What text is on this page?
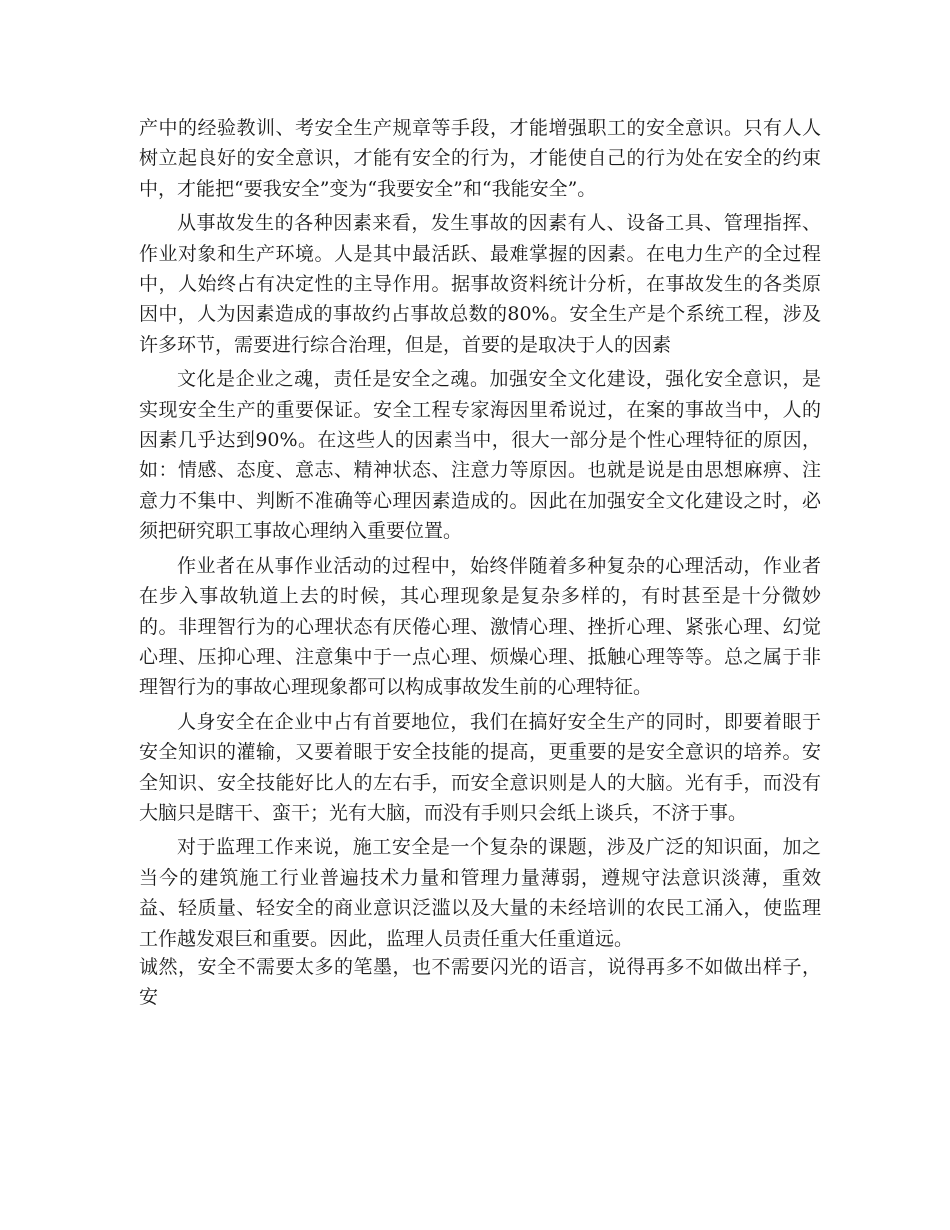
产中的经验教训、考安全生产规章等手段，才能增强职工的安全意识。只有人人树立起良好的安全意识，才能有安全的行为，才能使自己的行为处在安全的约束中，才能把“要我安全”变为“我要安全”和“我能安全”。

从事故发生的各种因素来看，发生事故的因素有人、设备工具、管理指挥、作业对象和生产环境。人是其中最活跃、最难掌握的因素。在电力生产的全过程中，人始终占有决定性的主导作用。据事故资料统计分析，在事故发生的各类原因中，人为因素造成的事故约占事故总数的80%。安全生产是个系统工程，涉及许多环节，需要进行综合治理，但是，首要的是取决于人的因素

文化是企业之魂，责任是安全之魂。加强安全文化建设，强化安全意识，是实现安全生产的重要保证。安全工程专家海因里希说过，在案的事故当中，人的因素几乎达到90%。在这些人的因素当中，很大一部分是个性心理特征的原因，如：情感、态度、意志、精神状态、注意力等原因。也就是说是由思想麻痹、注意力不集中、判断不准确等心理因素造成的。因此在加强安全文化建设之时，必须把研究职工事故心理纳入重要位置。

作业者在从事作业活动的过程中，始终伴随着多种复杂的心理活动，作业者在步入事故轨道上去的时候，其心理现象是复杂多样的，有时甚至是十分微妙的。非理智行为的心理状态有厌倦心理、激情心理、挫折心理、紧张心理、幻觉心理、压抑心理、注意集中于一点心理、烦燥心理、抵触心理等等。总之属于非理智行为的事故心理现象都可以构成事故发生前的心理特征。

人身安全在企业中占有首要地位，我们在搞好安全生产的同时，即要着眼于安全知识的灌输，又要着眼于安全技能的提高，更重要的是安全意识的培养。安全知识、安全技能好比人的左右手，而安全意识则是人的大脑。光有手，而没有大脑只是瞎干、蛮干；光有大脑，而没有手则只会纸上谈兵，不济于事。

对于监理工作来说，施工安全是一个复杂的课题，涉及广泛的知识面，加之当今的建筑施工行业普遍技术力量和管理力量薄弱，遵规守法意识淡薄，重效益、轻质量、轻安全的商业意识泛滥以及大量的未经培训的农民工涌入，使监理工作越发艰巨和重要。因此，监理人员责任重大任重道远。

诚然，安全不需要太多的笔墨，也不需要闪光的语言，说得再多不如做出样子，安
